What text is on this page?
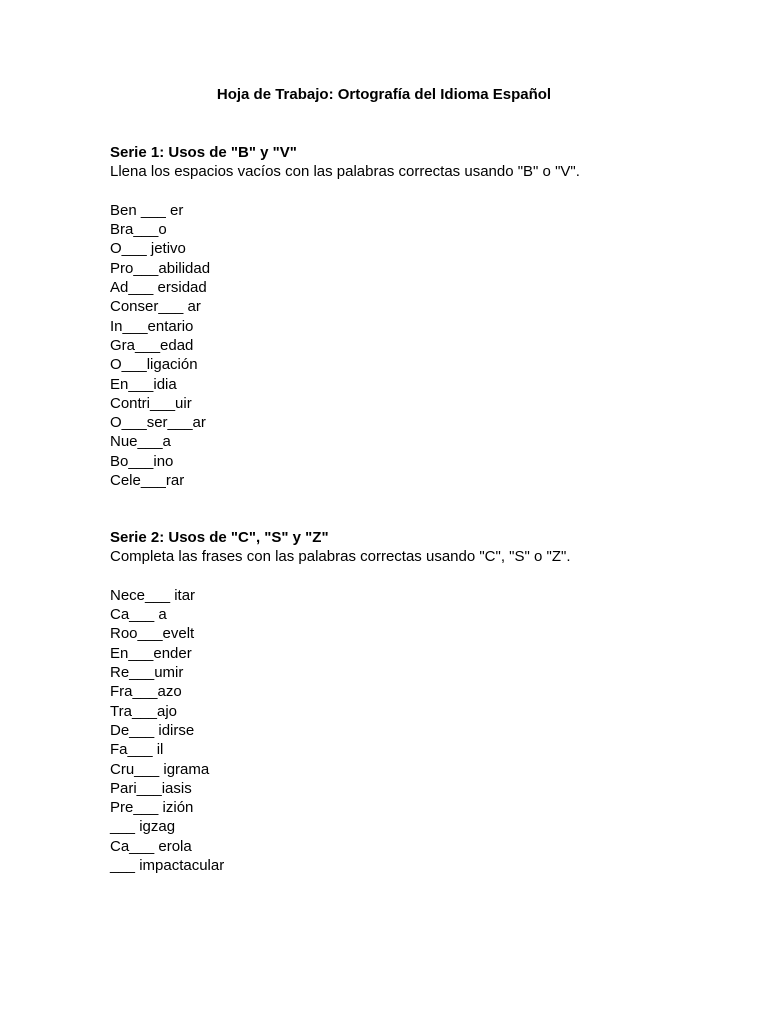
Hoja de Trabajo: Ortografía del Idioma Español

Serie 1: Usos de "B" y "V"

Llena los espacios vacíos con las palabras correctas usando "B" o "V".

Ben ___ er
Bra___o
O___ jetivo
Pro___abilidad
Ad___ ersidad
Conser___ ar
In___entario
Gra___edad
O___ligación
En___idia
Contri___uir
O___ser___ar
Nue___a
Bo___ino
Cele___rar

Serie 2: Usos de "C", "S" y "Z"

Completa las frases con las palabras correctas usando "C", "S" o "Z".

Nece___ itar
Ca___ a
Roo___evelt
En___ender
Re___umir
Fra___azo
Tra___ajo
De___ idirse
Fa___ il
Cru___ igrama
Pari___iasis
Pre___ izión
___ igzag
Ca___ erola
___ impactacular
